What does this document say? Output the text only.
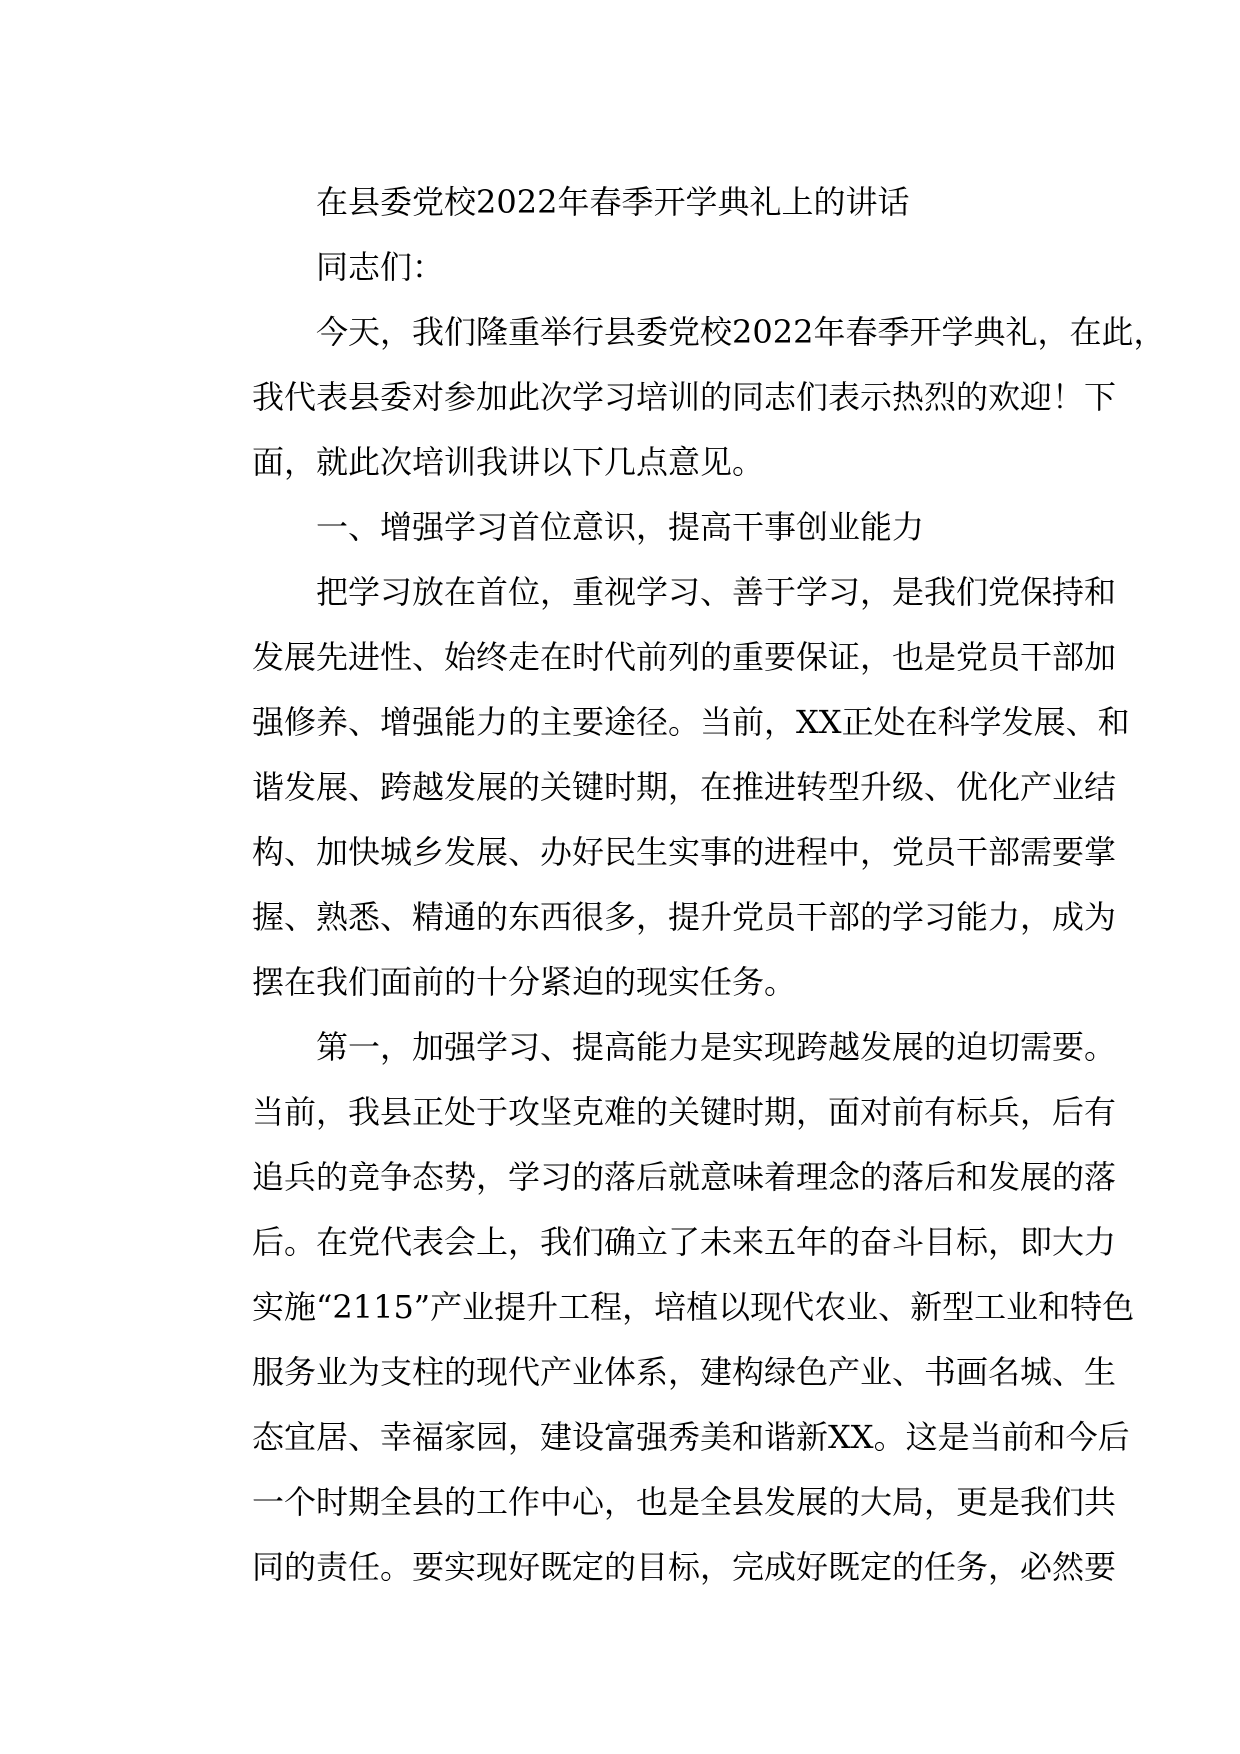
在县委党校2022年春季开学典礼上的讲话
同志们：
今天，我们隆重举行县委党校2022年春季开学典礼，在此，
我代表县委对参加此次学习培训的同志们表示热烈的欢迎！下
面，就此次培训我讲以下几点意见。
一、增强学习首位意识，提高干事创业能力
把学习放在首位，重视学习、善于学习，是我们党保持和
发展先进性、始终走在时代前列的重要保证，也是党员干部加
强修养、增强能力的主要途径。当前，XX正处在科学发展、和
谐发展、跨越发展的关键时期，在推进转型升级、优化产业结
构、加快城乡发展、办好民生实事的进程中，党员干部需要掌
握、熟悉、精通的东西很多，提升党员干部的学习能力，成为
摆在我们面前的十分紧迫的现实任务。
第一，加强学习、提高能力是实现跨越发展的迫切需要。
当前，我县正处于攻坚克难的关键时期，面对前有标兵，后有
追兵的竞争态势，学习的落后就意味着理念的落后和发展的落
后。在党代表会上，我们确立了未来五年的奋斗目标，即大力
实施“2115”产业提升工程，培植以现代农业、新型工业和特色
服务业为支柱的现代产业体系，建构绿色产业、书画名城、生
态宜居、幸福家园，建设富强秀美和谐新XX。这是当前和今后
一个时期全县的工作中心，也是全县发展的大局，更是我们共
同的责任。要实现好既定的目标，完成好既定的任务，必然要
